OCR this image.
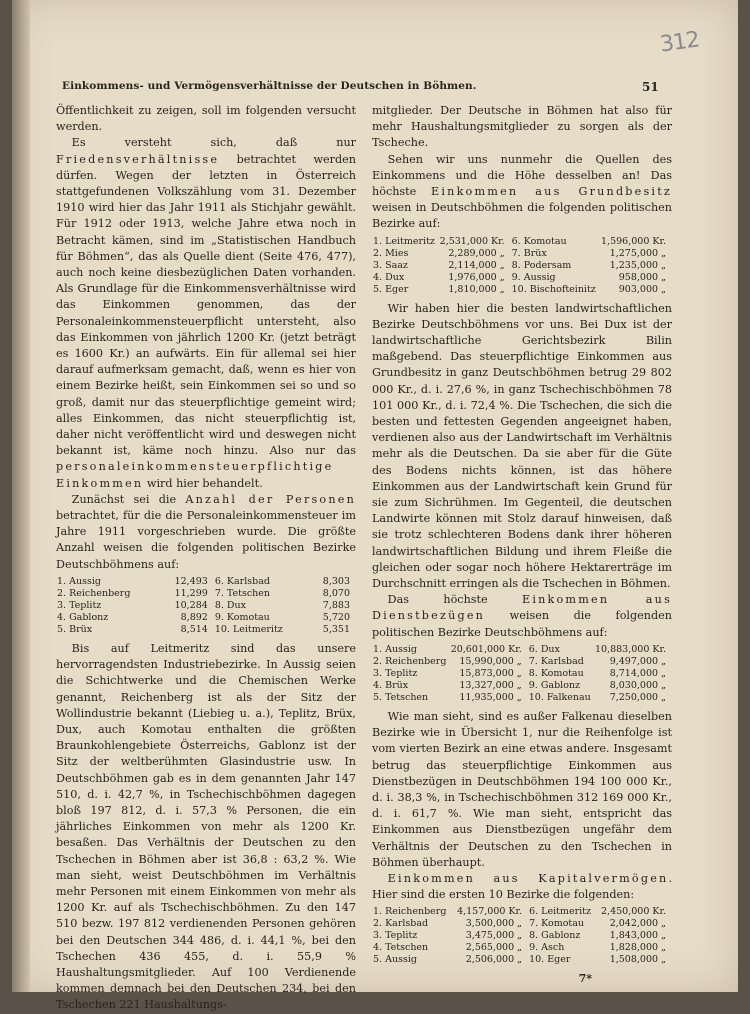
312
Einkommens- und Vermögensverhältnisse der Deutschen in Böhmen.	51

Öffentlichkeit zu zeigen, soll im folgenden versucht werden.

Es versteht sich, daß nur Friedensverhältnisse betrachtet werden dürfen. Wegen der letzten in Österreich stattgefundenen Volkszählung vom 31. Dezember 1910 wird hier das Jahr 1911 als Stichjahr gewählt. Für 1912 oder 1913, welche Jahre etwa noch in Betracht kämen, sind im „Statistischen Handbuch für Böhmen“, das als Quelle dient (Seite 476, 477), auch noch keine diesbezüglichen Daten vorhanden. Als Grundlage für die Einkommensverhältnisse wird das Einkommen genommen, das der Personaleinkommensteuerpflicht untersteht, also das Einkommen von jährlich 1200 Kr. (jetzt beträgt es 1600 Kr.) an aufwärts. Ein für allemal sei hier darauf aufmerksam gemacht, daß, wenn es hier von einem Bezirke heißt, sein Einkommen sei so und so groß, damit nur das steuerpflichtige gemeint wird; alles Einkommen, das nicht steuerpflichtig ist, daher nicht veröffentlicht wird und deswegen nicht bekannt ist, käme noch hinzu. Also nur das personaleinkommensteuerpflichtige Einkommen wird hier behandelt.

Zunächst sei die Anzahl der Personen betrachtet, für die die Personaleinkommensteuer im Jahre 1911 vorgeschrieben wurde. Die größte Anzahl weisen die folgenden politischen Bezirke Deutschböhmens auf:

1. Aussig	12,493	6. Karlsbad	8,303
2. Reichenberg	11,299	7. Tetschen	8,070
3. Teplitz	10,284	8. Dux	7,883
4. Gablonz	8,892	9. Komotau	5,720
5. Brüx	8,514	10. Leitmeritz	5,351

Bis auf Leitmeritz sind das unsere hervorragendsten Industriebezirke. In Aussig seien die Schichtwerke und die Chemischen Werke genannt, Reichenberg ist als der Sitz der Wollindustrie bekannt (Liebieg u. a.), Teplitz, Brüx, Dux, auch Komotau enthalten die größten Braunkohlengebiete Österreichs, Gablonz ist der Sitz der weltberühmten Glasindustrie usw. In Deutschböhmen gab es in dem genannten Jahr 147 510, d. i. 42,7 %, in Tschechischböhmen dagegen bloß 197 812, d. i. 57,3 % Personen, die ein jährliches Einkommen von mehr als 1200 Kr. besaßen. Das Verhältnis der Deutschen zu den Tschechen in Böhmen aber ist 36,8 : 63,2 %. Wie man sieht, weist Deutschböhmen im Verhältnis mehr Personen mit einem Einkommen von mehr als 1200 Kr. auf als Tschechischböhmen. Zu den 147 510 bezw. 197 812 verdienenden Personen gehören bei den Deutschen 344 486, d. i. 44,1 %, bei den Tschechen 436 455, d. i. 55,9 % Haushaltungsmitglieder. Auf 100 Verdienende kommen demnach bei den Deutschen 234, bei den Tschechen 221 Haushaltungs-

mitglieder. Der Deutsche in Böhmen hat also für mehr Haushaltungsmitglieder zu sorgen als der Tscheche.

Sehen wir uns nunmehr die Quellen des Einkommens und die Höhe desselben an! Das höchste Einkommen aus Grundbesitz weisen in Deutschböhmen die folgenden politischen Bezirke auf:

1. Leitmeritz	2,531,000 Kr.	6. Komotau	1,596,000 Kr.
2. Mies	2,289,000 „	7. Brüx	1,275,000 „
3. Saaz	2,114,000 „	8. Podersam	1,235,000 „
4. Dux	1,976,000 „	9. Aussig	958,000 „
5. Eger	1,810,000 „	10. Bischofteinitz	903,000 „

Wir haben hier die besten landwirtschaftlichen Bezirke Deutschböhmens vor uns. Bei Dux ist der landwirtschaftliche Gerichtsbezirk Bilin maßgebend. Das steuerpflichtige Einkommen aus Grundbesitz in ganz Deutschböhmen betrug 29 802 000 Kr., d. i. 27,6 %, in ganz Tschechischböhmen 78 101 000 Kr., d. i. 72,4 %. Die Tschechen, die sich die besten und fettesten Gegenden angeeignet haben, verdienen also aus der Landwirtschaft im Verhältnis mehr als die Deutschen. Da sie aber für die Güte des Bodens nichts können, ist das höhere Einkommen aus der Landwirtschaft kein Grund für sie zum Sichrühmen. Im Gegenteil, die deutschen Landwirte können mit Stolz darauf hinweisen, daß sie trotz schlechteren Bodens dank ihrer höheren landwirtschaftlichen Bildung und ihrem Fleiße die gleichen oder sogar noch höhere Hektarerträge im Durchschnitt erringen als die Tschechen in Böhmen.

Das höchste Einkommen aus Dienstbezügen weisen die folgenden politischen Bezirke Deutschböhmens auf:

1. Aussig	20,601,000 Kr.	6. Dux	10,883,000 Kr.
2. Reichenberg	15,990,000 „	7. Karlsbad	9,497,000 „
3. Teplitz	15,873,000 „	8. Komotau	8,714,000 „
4. Brüx	13,327,000 „	9. Gablonz	8,030,000 „
5. Tetschen	11,935,000 „	10. Falkenau	7,250,000 „

Wie man sieht, sind es außer Falkenau dieselben Bezirke wie in Übersicht 1, nur die Reihenfolge ist vom vierten Bezirk an eine etwas andere. Insgesamt betrug das steuerpflichtige Einkommen aus Dienstbezügen in Deutschböhmen 194 100 000 Kr., d. i. 38,3 %, in Tschechischböhmen 312 169 000 Kr., d. i. 61,7 %. Wie man sieht, entspricht das Einkommen aus Dienstbezügen ungefähr dem Verhältnis der Deutschen zu den Tschechen in Böhmen überhaupt.

Einkommen aus Kapitalvermögen. Hier sind die ersten 10 Bezirke die folgenden:

1. Reichenberg	4,157,000 Kr.	6. Leitmeritz	2,450,000 Kr.
2. Karlsbad	3,500,000 „	7. Komotau	2,042,000 „
3. Teplitz	3,475,000 „	8. Gablonz	1,843,000 „
4. Tetschen	2,565,000 „	9. Asch	1,828,000 „
5. Aussig	2,506,000 „	10. Eger	1,508,000 „
7*
